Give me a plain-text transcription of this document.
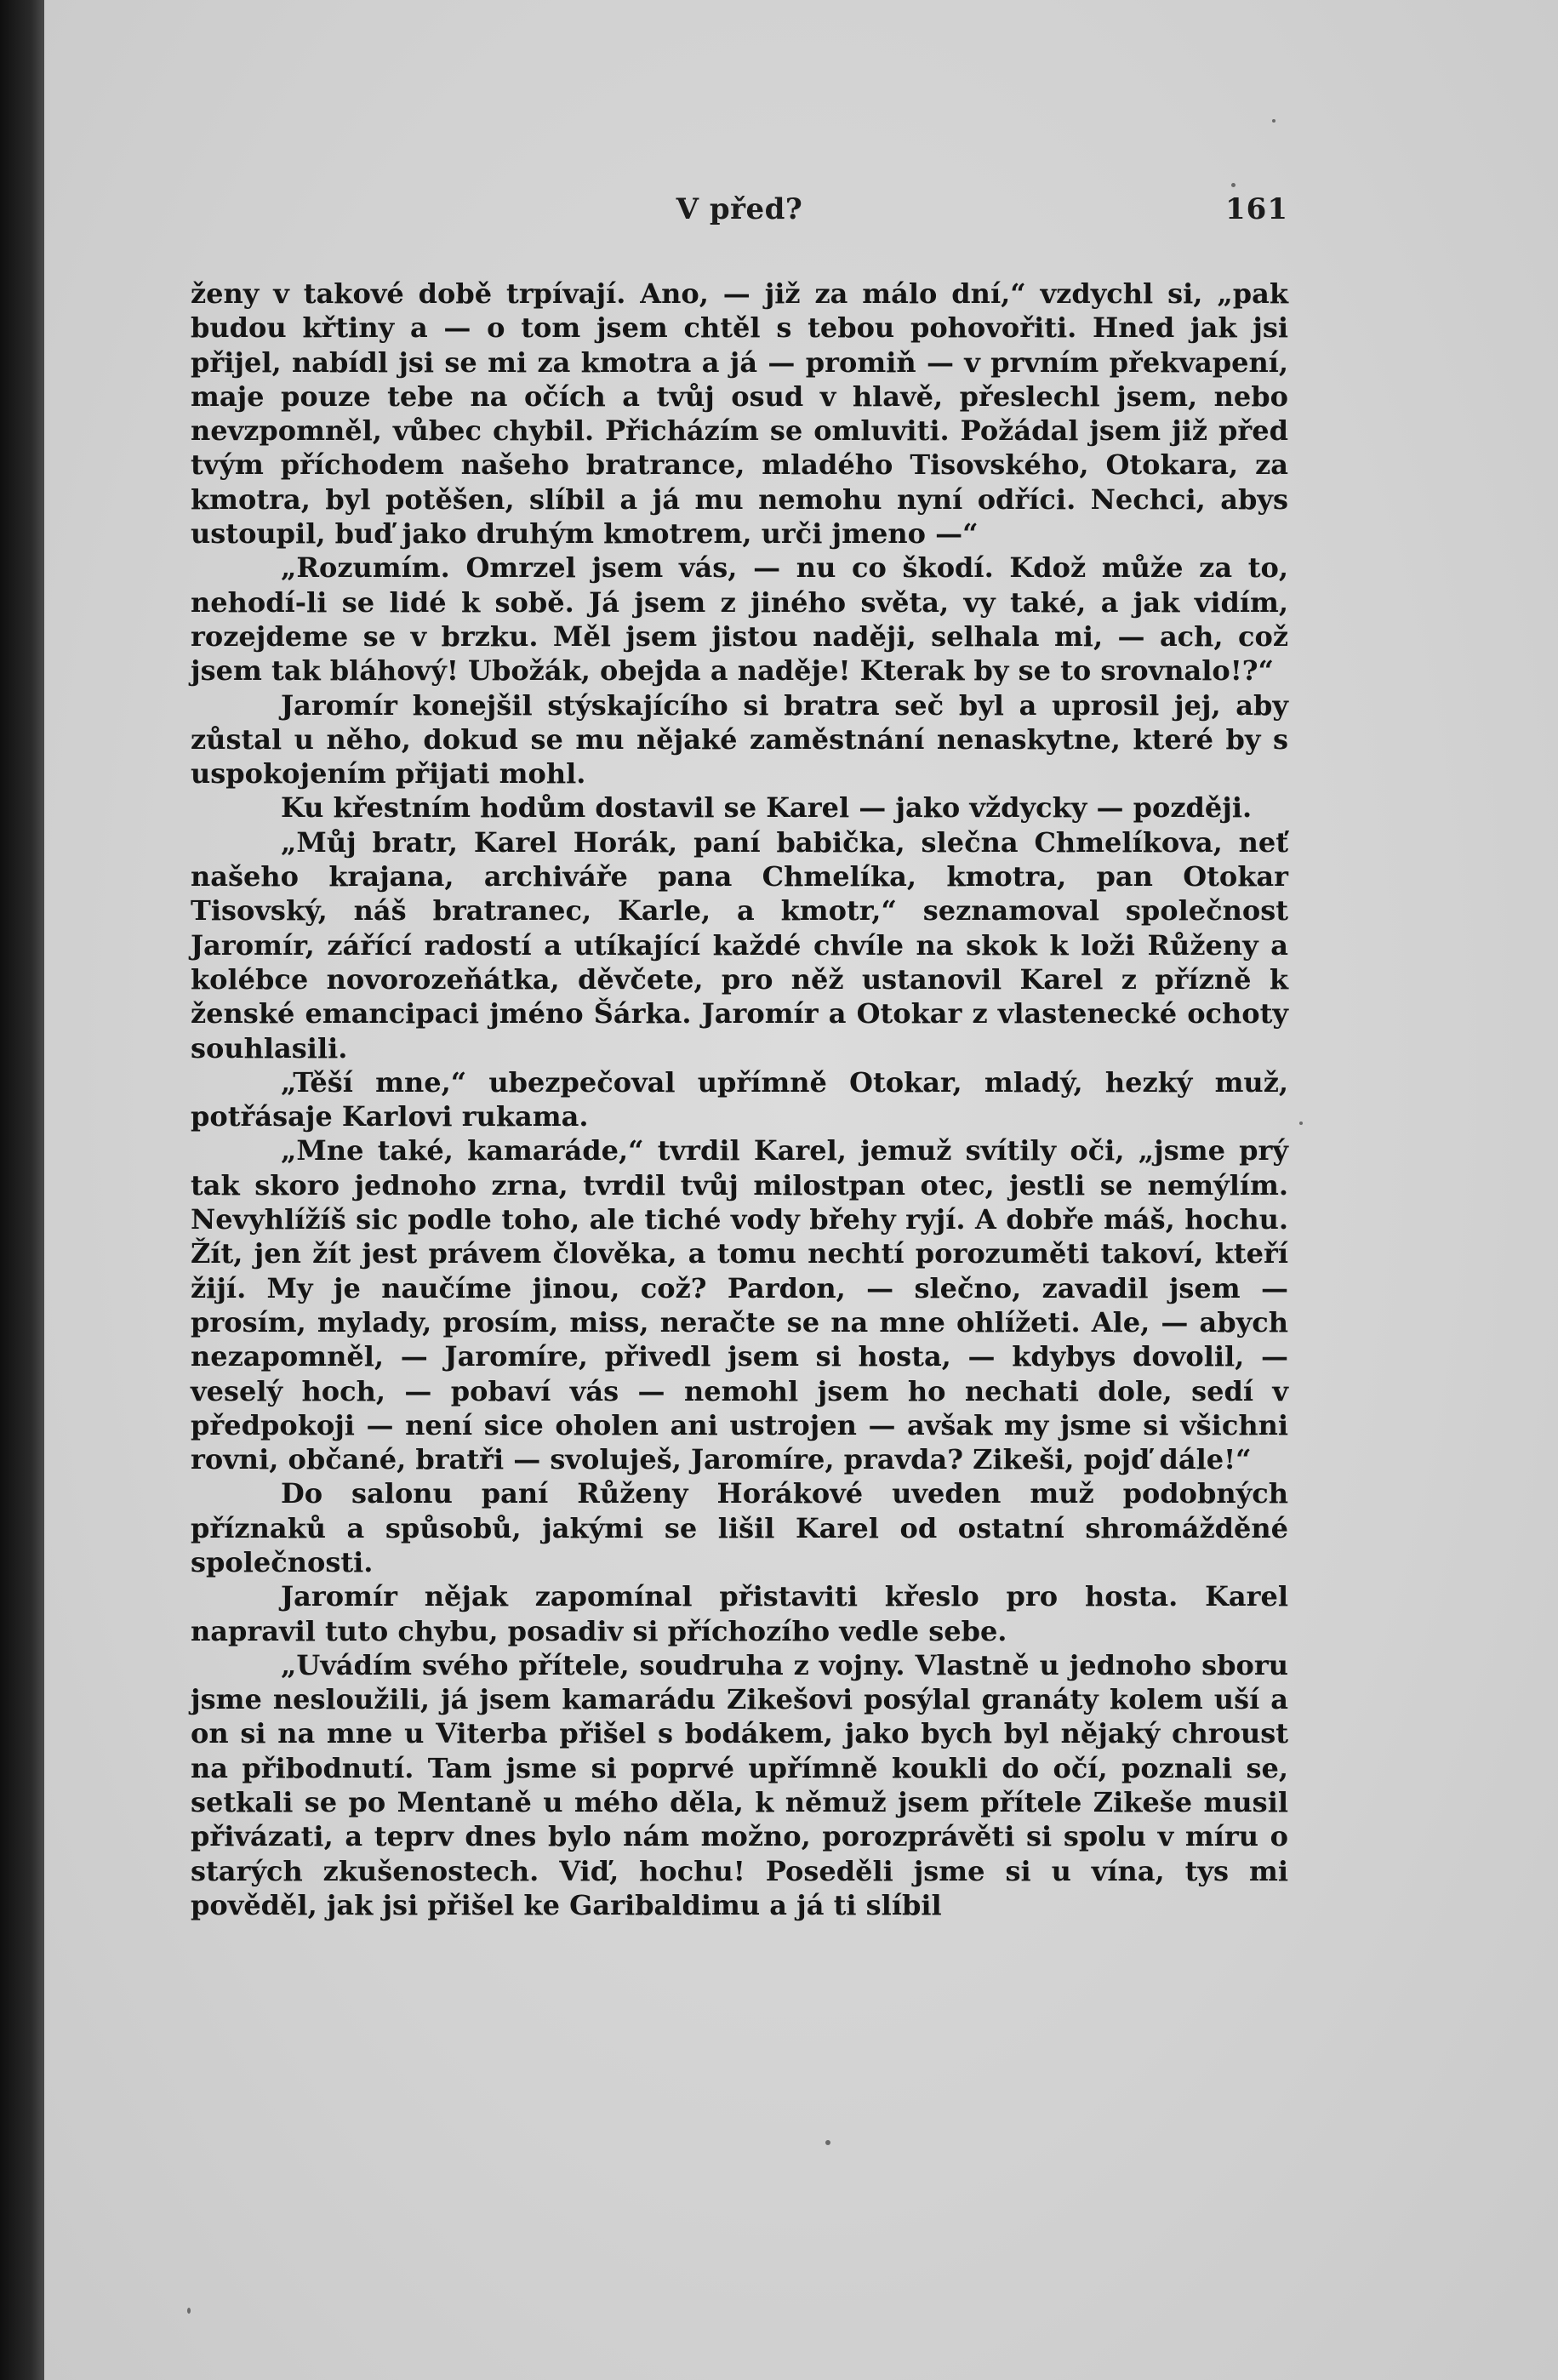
V před?	161

ženy v takové době trpívají. Ano, — již za málo dní,“ vzdychl si, „pak budou křtiny a — o tom jsem chtěl s tebou pohovořiti. Hned jak jsi přijel, nabídl jsi se mi za kmotra a já — promiň — v prvním překvapení, maje pouze tebe na očích a tvůj osud v hlavě, přeslechl jsem, nebo nevzpomněl, vůbec chybil. Přicházím se omluviti. Požádal jsem již před tvým příchodem našeho bratrance, mladého Tisovského, Otokara, za kmotra, byl potěšen, slíbil a já mu nemohu nyní odříci. Nechci, abys ustoupil, buď jako druhým kmotrem, urči jmeno —“

„Rozumím. Omrzel jsem vás, — nu co škodí. Kdož může za to, nehodí-li se lidé k sobě. Já jsem z jiného světa, vy také, a jak vidím, rozejdeme se v brzku. Měl jsem jistou naději, selhala mi, — ach, což jsem tak bláhový! Ubožák, obejda a naděje! Kterak by se to srovnalo!?“

Jaromír konejšil stýskajícího si bratra seč byl a uprosil jej, aby zůstal u něho, dokud se mu nějaké zaměstnání nenaskytne, které by s uspokojením přijati mohl.

Ku křestním hodům dostavil se Karel — jako vždycky — později.

„Můj bratr, Karel Horák, paní babička, slečna Chmelíkova, neť našeho krajana, archiváře pana Chmelíka, kmotra, pan Otokar Tisovský, náš bratranec, Karle, a kmotr,“ seznamoval společnost Jaromír, zářící radostí a utíkající každé chvíle na skok k loži Růženy a kolébce novorozeňátka, děvčete, pro něž ustanovil Karel z přízně k ženské emancipaci jméno Šárka. Jaromír a Otokar z vlastenecké ochoty souhlasili.

„Těší mne,“ ubezpečoval upřímně Otokar, mladý, hezký muž, potřásaje Karlovi rukama.

„Mne také, kamaráde,“ tvrdil Karel, jemuž svítily oči, „jsme prý tak skoro jednoho zrna, tvrdil tvůj milostpan otec, jestli se nemýlím. Nevyhlížíš sic podle toho, ale tiché vody břehy ryjí. A dobře máš, hochu. Žít, jen žít jest právem člověka, a tomu nechtí porozuměti takoví, kteří žijí. My je naučíme jinou, což? Pardon, — slečno, zavadil jsem — prosím, mylady, prosím, miss, neračte se na mne ohlížeti. Ale, — abych nezapomněl, — Jaromíre, přivedl jsem si hosta, — kdybys dovolil, — veselý hoch, — pobaví vás — nemohl jsem ho nechati dole, sedí v předpokoji — není sice oholen ani ustrojen — avšak my jsme si všichni rovni, občané, bratři — svoluješ, Jaromíre, pravda? Zikeši, pojď dále!“

Do salonu paní Růženy Horákové uveden muž podobných příznaků a spůsobů, jakými se lišil Karel od ostatní shromážděné společnosti.

Jaromír nějak zapomínal přistaviti křeslo pro hosta. Karel napravil tuto chybu, posadiv si příchozího vedle sebe.

„Uvádím svého přítele, soudruha z vojny. Vlastně u jednoho sboru jsme nesloužili, já jsem kamarádu Zikešovi posýlal granáty kolem uší a on si na mne u Viterba přišel s bodákem, jako bych byl nějaký chroust na přibodnutí. Tam jsme si poprvé upřímně koukli do očí, poznali se, setkali se po Mentaně u mého děla, k němuž jsem přítele Zikeše musil přivázati, a teprv dnes bylo nám možno, porozprávěti si spolu v míru o starých zkušenostech. Viď, hochu! Poseděli jsme si u vína, tys mi pověděl, jak jsi přišel ke Garibaldimu a já ti slíbil
